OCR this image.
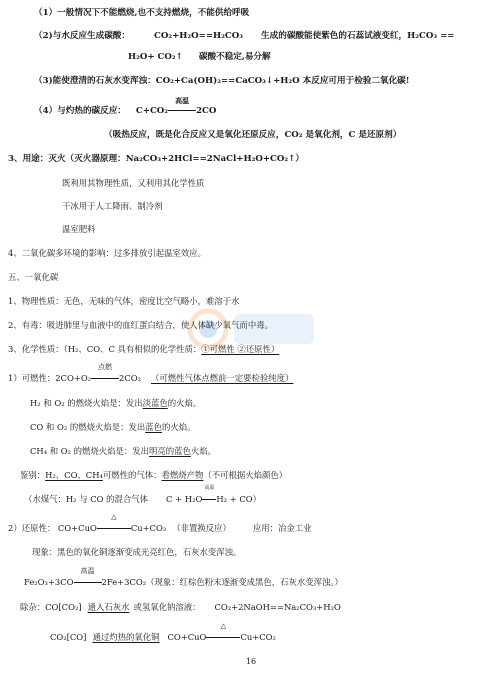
（1）一般情况下不能燃烧,也不支持燃烧，不能供给呼吸
（2)与水反应生成碳酸：	CO₂+H₂O==H₂CO₃ 生成的碳酸能使紫色的石蕊试液变红，H₂CO₃ ==
H₂O+ CO₂↑ 碳酸不稳定,易分解
（3)能使澄清的石灰水变浑浊：CO₂+Ca(OH)₂==CaCO₃↓+H₂O 本反应可用于检验二氧化碳!
（4）与灼热的碳反应： C+CO₂
高温
2CO
（吸热反应，既是化合反应又是氧化还原反应，CO₂ 是氧化剂，C 是还原剂）
3、用途：灭火（灭火器原理：Na₂CO₃+2HCl==2NaCl+H₂O+CO₂↑）
既利用其物理性质，又利用其化学性质
干冰用于人工降雨、制冷剂
温室肥料
4、二氧化碳多环境的影响：过多排放引起温室效应。
五、一氧化碳
1、物理性质：无色，无味的气体，密度比空气略小，难溶于水
2、有毒：吸进肺里与血液中的血红蛋白结合，使人体缺少氧气而中毒。
3、化学性质：（H₂、CO、C 具有相似的化学性质：①可燃性 ②还原性）
1）可燃性：2CO+O₂
点燃
2CO₂ （可燃性气体点燃前一定要检验纯度）
H₂ 和 O₂ 的燃烧火焰是：发出淡蓝色的火焰。
CO 和 O₂ 的燃烧火焰是：发出蓝色的火焰。
CH₄ 和 O₂ 的燃烧火焰是：发出明亮的蓝色火焰。
鉴别：H₂、CO、CH₄可燃性的气体：看燃烧产物（不可根据火焰颜色）
（水煤气：H₂ 与 CO 的混合气体 C + H₂O
高温
H₂ + CO）
2）还原性： CO+CuO
△
Cu+CO₂ （非置换反应）	应用：冶金工业
现象：黑色的氧化铜逐渐变成光亮红色，石灰水变浑浊。
Fe₂O₃+3CO
高温
2Fe+3CO₂（现象：红棕色粉末逐渐变成黑色，石灰水变浑浊。）
除杂：CO[CO₂] 通入石灰水 或氢氧化钠溶液： CO₂+2NaOH==Na₂CO₃+H₂O
CO₂[CO] 通过灼热的氧化铜 CO+CuO
△
Cu+CO₂
16
